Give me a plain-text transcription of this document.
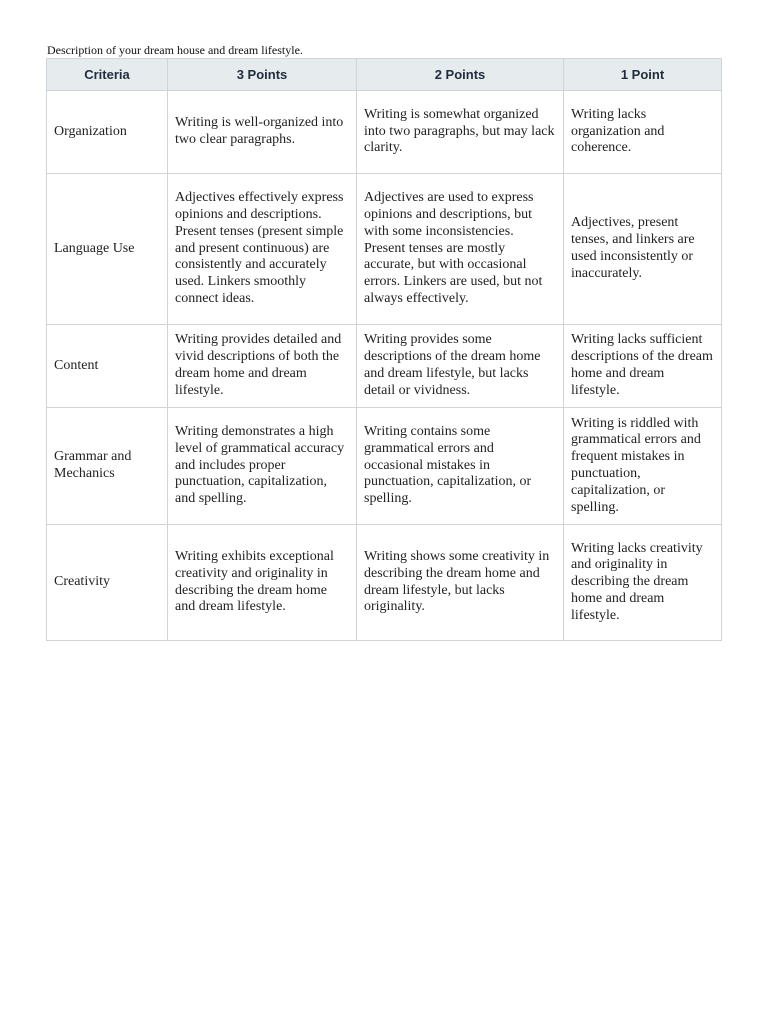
Description of your dream house and dream lifestyle.
Criteria	3 Points	2 Points	1 Point
Organization	Writing is well-organized into two clear paragraphs.	Writing is somewhat organized into two paragraphs, but may lack clarity.	Writing lacks organization and coherence.
Language Use	Adjectives effectively express opinions and descriptions. Present tenses (present simple and present continuous) are consistently and accurately used. Linkers smoothly connect ideas.	Adjectives are used to express opinions and descriptions, but with some inconsistencies. Present tenses are mostly accurate, but with occasional errors. Linkers are used, but not always effectively.	Adjectives, present tenses, and linkers are used inconsistently or inaccurately.
Content	Writing provides detailed and vivid descriptions of both the dream home and dream lifestyle.	Writing provides some descriptions of the dream home and dream lifestyle, but lacks detail or vividness.	Writing lacks sufficient descriptions of the dream home and dream lifestyle.
Grammar and Mechanics	Writing demonstrates a high level of grammatical accuracy and includes proper punctuation, capitalization, and spelling.	Writing contains some grammatical errors and occasional mistakes in punctuation, capitalization, or spelling.	Writing is riddled with grammatical errors and frequent mistakes in punctuation, capitalization, or spelling.
Creativity	Writing exhibits exceptional creativity and originality in describing the dream home and dream lifestyle.	Writing shows some creativity in describing the dream home and dream lifestyle, but lacks originality.	Writing lacks creativity and originality in describing the dream home and dream lifestyle.
